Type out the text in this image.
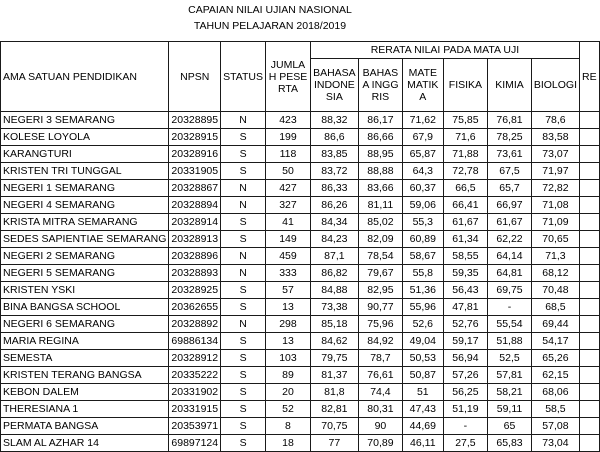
CAPAIAN NILAI UJIAN NASIONAL
TAHUN PELAJARAN 2018/2019
AMA SATUAN PENDIDIKAN	NPSN	STATUS	JUMLAH PESERTA	RERATA NILAI PADA MATA UJI						RE
				BAHASA INDONESIA	BAHASA INGGRIS	MATEMATIKA	FISIKA	KIMIA	BIOLOGI	
NEGERI 3 SEMARANG	20328895	N	423	88,32	86,17	71,62	75,85	76,81	78,6	
KOLESE LOYOLA	20328915	S	199	86,6	86,66	67,9	71,6	78,25	83,58	
KARANGTURI	20328916	S	118	83,85	88,95	65,87	71,88	73,61	73,07	
KRISTEN TRI TUNGGAL	20331905	S	50	83,72	88,88	64,3	72,78	67,5	71,97	
NEGERI 1 SEMARANG	20328867	N	427	86,33	83,66	60,37	66,5	65,7	72,82	
NEGERI 4 SEMARANG	20328894	N	327	86,26	81,11	59,06	66,41	66,97	71,08	
KRISTA MITRA SEMARANG	20328914	S	41	84,34	85,02	55,3	61,67	61,67	71,09	
SEDES SAPIENTIAE SEMARANG	20328913	S	149	84,23	82,09	60,89	61,34	62,22	70,65	
NEGERI 2 SEMARANG	20328896	N	459	87,1	78,54	58,67	58,55	64,14	71,3	
NEGERI 5 SEMARANG	20328893	N	333	86,82	79,67	55,8	59,35	64,81	68,12	
KRISTEN YSKI	20328925	S	57	84,88	82,95	51,36	56,43	69,75	70,48	
BINA BANGSA SCHOOL	20362655	S	13	73,38	90,77	55,96	47,81	-	68,5	
NEGERI 6 SEMARANG	20328892	N	298	85,18	75,96	52,6	52,76	55,54	69,44	
MARIA REGINA	69886134	S	13	84,62	84,92	49,04	59,17	51,88	54,17	
SEMESTA	20328912	S	103	79,75	78,7	50,53	56,94	52,5	65,26	
KRISTEN TERANG BANGSA	20335222	S	89	81,37	76,61	50,87	57,26	57,81	62,15	
KEBON DALEM	20331902	S	20	81,8	74,4	51	56,25	58,21	68,06	
THERESIANA 1	20331915	S	52	82,81	80,31	47,43	51,19	59,11	58,5	
PERMATA BANGSA	20353971	S	8	70,75	90	44,69	-	65	57,08	
SLAM AL AZHAR 14	69897124	S	18	77	70,89	46,11	27,5	65,83	73,04	
